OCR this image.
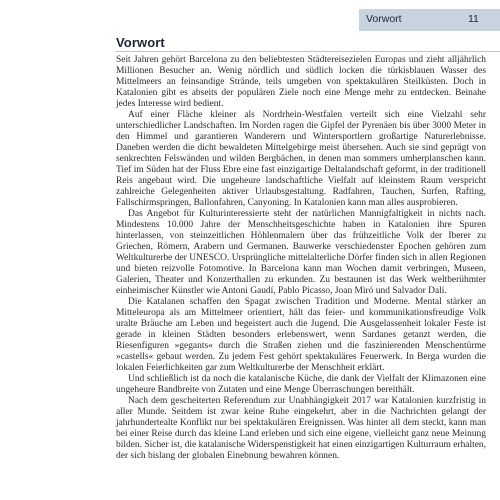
Vorwort	11
Vorwort

Seit Jahren gehört Barcelona zu den beliebtesten Städtereisezielen Europas und zieht alljährlich Millionen Besucher an. Wenig nördlich und südlich locken die türkisblauen Wasser des Mittelmeers an feinsandige Strände, teils umgeben von spektakulären Steilküsten. Doch in Katalonien gibt es abseits der populären Ziele noch eine Menge mehr zu entdecken. Beinahe jedes Interesse wird bedient.

Auf einer Fläche kleiner als Nordrhein-Westfalen verteilt sich eine Vielzahl sehr unterschiedlicher Landschaften. Im Norden ragen die Gipfel der Pyrenäen bis über 3000 Meter in den Himmel und garantieren Wanderern und Wintersportlern großartige Naturerlebnisse. Daneben werden die dicht bewaldeten Mittelgebirge meist übersehen. Auch sie sind geprägt von senkrechten Felswänden und wilden Bergbächen, in denen man sommers umherplanschen kann. Tief im Süden hat der Fluss Ebre eine fast einzigartige Deltalandschaft geformt, in der traditionell Reis angebaut wird. Die ungeheure landschaftliche Vielfalt auf kleinstem Raum verspricht zahlreiche Gelegenheiten aktiver Urlaubsgestaltung. Radfahren, Tauchen, Surfen, Rafting, Fallschirmspringen, Ballonfahren, Canyoning. In Katalonien kann man alles ausprobieren.

Das Angebot für Kulturinteressierte steht der natürlichen Mannigfaltigkeit in nichts nach. Mindestens 10.000 Jahre der Menschheitsgeschichte haben in Katalonien ihre Spuren hinterlassen, von steinzeitlichen Höhlenmalern über das frühzeitliche Volk der Iberer zu Griechen, Römern, Arabern und Germanen. Bauwerke verschiedenster Epochen gehören zum Weltkulturerbe der UNESCO. Ursprüngliche mittelalterliche Dörfer finden sich in allen Regionen und bieten reizvolle Fotomotive. In Barcelona kann man Wochen damit verbringen, Museen, Galerien, Theater und Konzerthallen zu erkunden. Zu bestaunen ist das Werk weltberühmter einheimischer Künstler wie Antoni Gaudí, Pablo Picasso, Joan Miró und Salvador Dalí.

Die Katalanen schaffen den Spagat zwischen Tradition und Moderne. Mental stärker an Mitteleuropa als am Mittelmeer orientiert, hält das feier- und kommunikationsfreudige Volk uralte Bräuche am Leben und begeistert auch die Jugend. Die Ausgelassenheit lokaler Feste ist gerade in kleinen Städten besonders erlebenswert, wenn Sardanes getanzt werden, die Riesenfiguren »gegants« durch die Straßen ziehen und die faszinierenden Menschentürme »castells« gebaut werden. Zu jedem Fest gehört spektakuläres Feuerwerk. In Berga wurden die lokalen Feierlichkeiten gar zum Weltkulturerbe der Menschheit erklärt.

Und schließlich ist da noch die katalanische Küche, die dank der Vielfalt der Klimazonen eine ungeheure Bandbreite von Zutaten und eine Menge Überraschungen bereithält.

Nach dem gescheiterten Referendum zur Unabhängigkeit 2017 war Katalonien kurzfristig in aller Munde. Seitdem ist zwar keine Ruhe eingekehrt, aber in die Nachrichten gelangt der jahrhundertealte Konflikt nur bei spektakulären Ereignissen. Was hinter all dem steckt, kann man bei einer Reise durch das kleine Land erleben und sich eine eigene, vielleicht ganz neue Meinung bilden. Sicher ist, die katalanische Widerspenstigkeit hat einen einzigartigen Kulturraum erhalten, der sich bislang der globalen Einebnung bewahren können.
